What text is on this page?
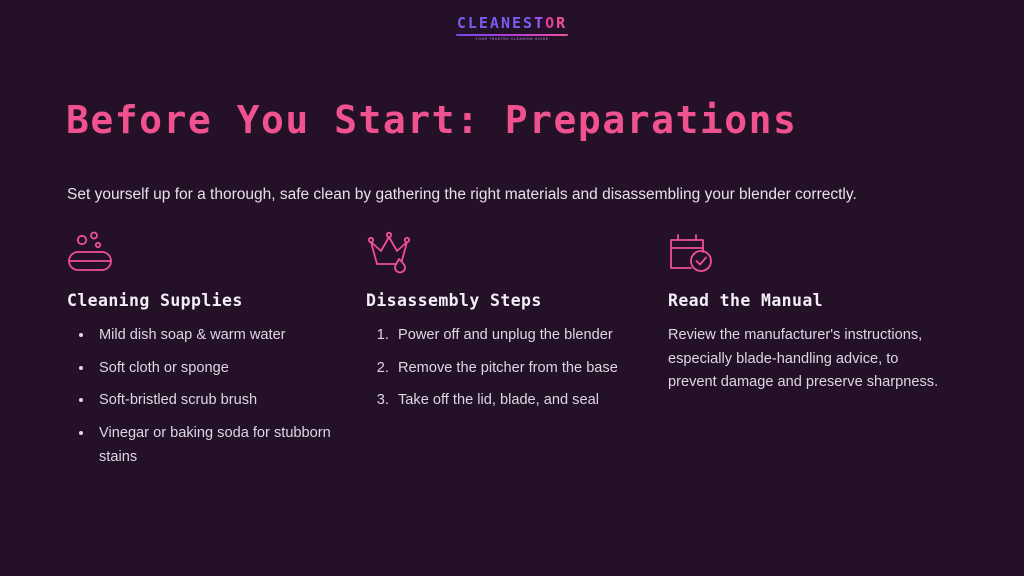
CLEANESTOR
YOUR TRUSTED CLEANING GUIDE
Before You Start: Preparations

Set yourself up for a thorough, safe clean by gathering the right materials and disassembling your blender correctly.

Cleaning Supplies
• Mild dish soap & warm water
• Soft cloth or sponge
• Soft-bristled scrub brush
• Vinegar or baking soda for stubborn stains
Disassembly Steps
1. Power off and unplug the blender
2. Remove the pitcher from the base
3. Take off the lid, blade, and seal
Read the Manual

Review the manufacturer's instructions, especially blade-handling advice, to prevent damage and preserve sharpness.
